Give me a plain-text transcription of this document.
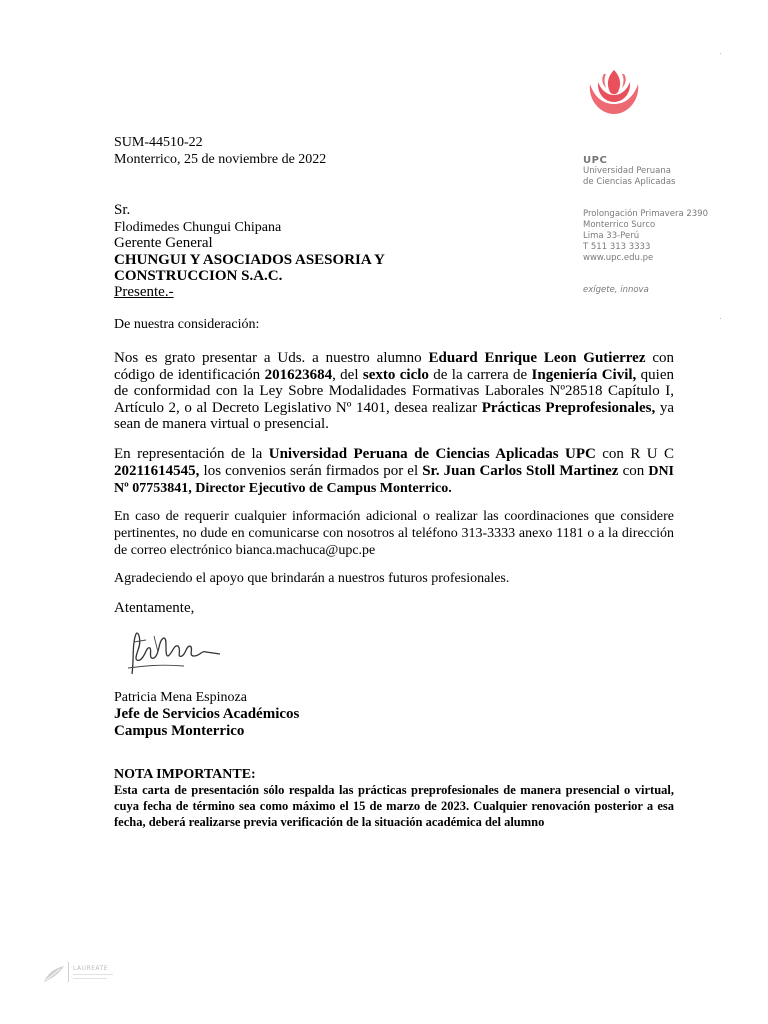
UPC
Universidad Peruana
de Ciencias Aplicadas
Prolongación Primavera 2390
Monterrico Surco
Lima 33-Perú
T 511 313 3333
www.upc.edu.pe
exígete, innova
SUM-44510-22
Monterrico, 25 de noviembre de 2022
Sr.
Flodimedes Chungui Chipana
Gerente General
CHUNGUI Y ASOCIADOS ASESORIA Y
CONSTRUCCION S.A.C.
Presente.-
De nuestra consideración:
Nos es grato presentar a Uds. a nuestro alumno Eduard Enrique Leon Gutierrez con código de identificación 201623684, del sexto ciclo de la carrera de Ingeniería Civil, quien de conformidad con la Ley Sobre Modalidades Formativas Laborales Nº28518 Capítulo I, Artículo 2, o al Decreto Legislativo Nº 1401, desea realizar Prácticas Preprofesionales, ya sean de manera virtual o presencial.
En representación de la Universidad Peruana de Ciencias Aplicadas UPC con R U C 20211614545, los convenios serán firmados por el Sr. Juan Carlos Stoll Martinez con DNI Nº 07753841, Director Ejecutivo de Campus Monterrico.
En caso de requerir cualquier información adicional o realizar las coordinaciones que considere pertinentes, no dude en comunicarse con nosotros al teléfono 313-3333 anexo 1181 o a la dirección de correo electrónico bianca.machuca@upc.pe
Agradeciendo el apoyo que brindarán a nuestros futuros profesionales.
Atentamente,
Patricia Mena Espinoza
Jefe de Servicios Académicos
Campus Monterrico
NOTA IMPORTANTE:
Esta carta de presentación sólo respalda las prácticas preprofesionales de manera presencial o virtual, cuya fecha de término sea como máximo el 15 de marzo de 2023. Cualquier renovación posterior a esa fecha, deberá realizarse previa verificación de la situación académica del alumno
LAUREATE
